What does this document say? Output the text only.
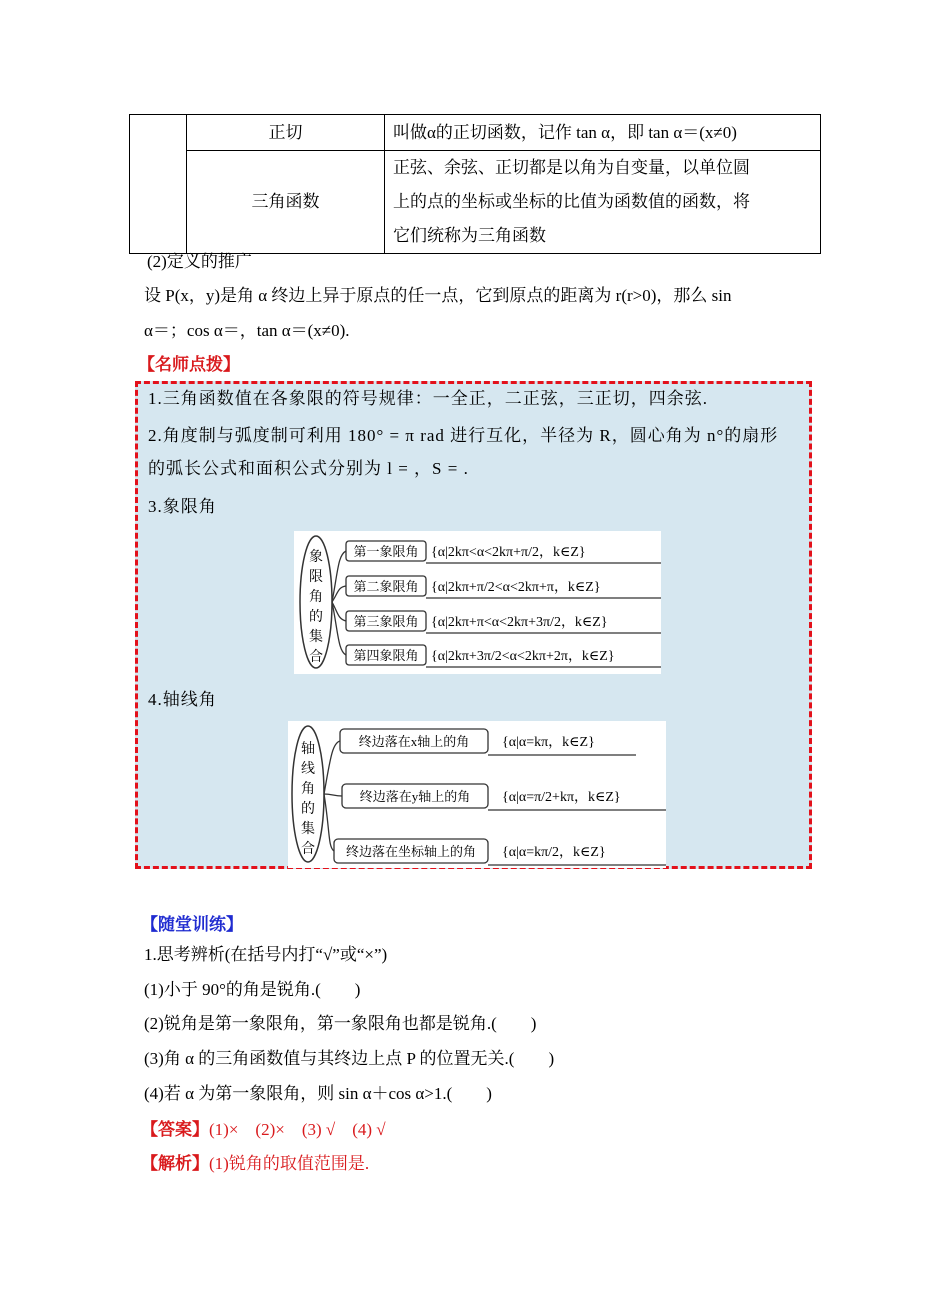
	正切	叫做α的正切函数，记作 tan α，即 tan α＝(x≠0)
	三角函数	正弦、余弦、正切都是以角为自变量，以单位圆
上的点的坐标或坐标的比值为函数值的函数，将
它们统称为三角函数
(2)定义的推广
设 P(x，y)是角 α 终边上异于原点的任一点，它到原点的距离为 r(r>0)，那么 sin
α＝；cos α＝，tan α＝(x≠0).
【名师点拨】
1.三角函数值在各象限的符号规律：一全正，二正弦，三正切，四余弦.
2.角度制与弧度制可利用 180° = π rad 进行互化，半径为 R，圆心角为 n°的扇形
的弧长公式和面积公式分别为 l = ，S = .
3.象限角
象
限
角
的
集
合
第一象限角
第二象限角
第三象限角
第四象限角
{α|2kπ<α<2kπ+π/2，k∈Z}
{α|2kπ+π/2<α<2kπ+π，k∈Z}
{α|2kπ+π<α<2kπ+3π/2，k∈Z}
{α|2kπ+3π/2<α<2kπ+2π，k∈Z}
4.轴线角
轴
线
角
的
集
合
终边落在x轴上的角
终边落在y轴上的角
终边落在坐标轴上的角
{α|α=kπ，k∈Z}
{α|α=π/2+kπ，k∈Z}
{α|α=kπ/2，k∈Z}
【随堂训练】
1.思考辨析(在括号内打“√”或“×”)
(1)小于 90°的角是锐角.(　　)
(2)锐角是第一象限角，第一象限角也都是锐角.(　　)
(3)角 α 的三角函数值与其终边上点 P 的位置无关.(　　)
(4)若 α 为第一象限角，则 sin α＋cos α>1.(　　)
【答案】(1)×　(2)×　(3) √　(4) √
【解析】(1)锐角的取值范围是.
